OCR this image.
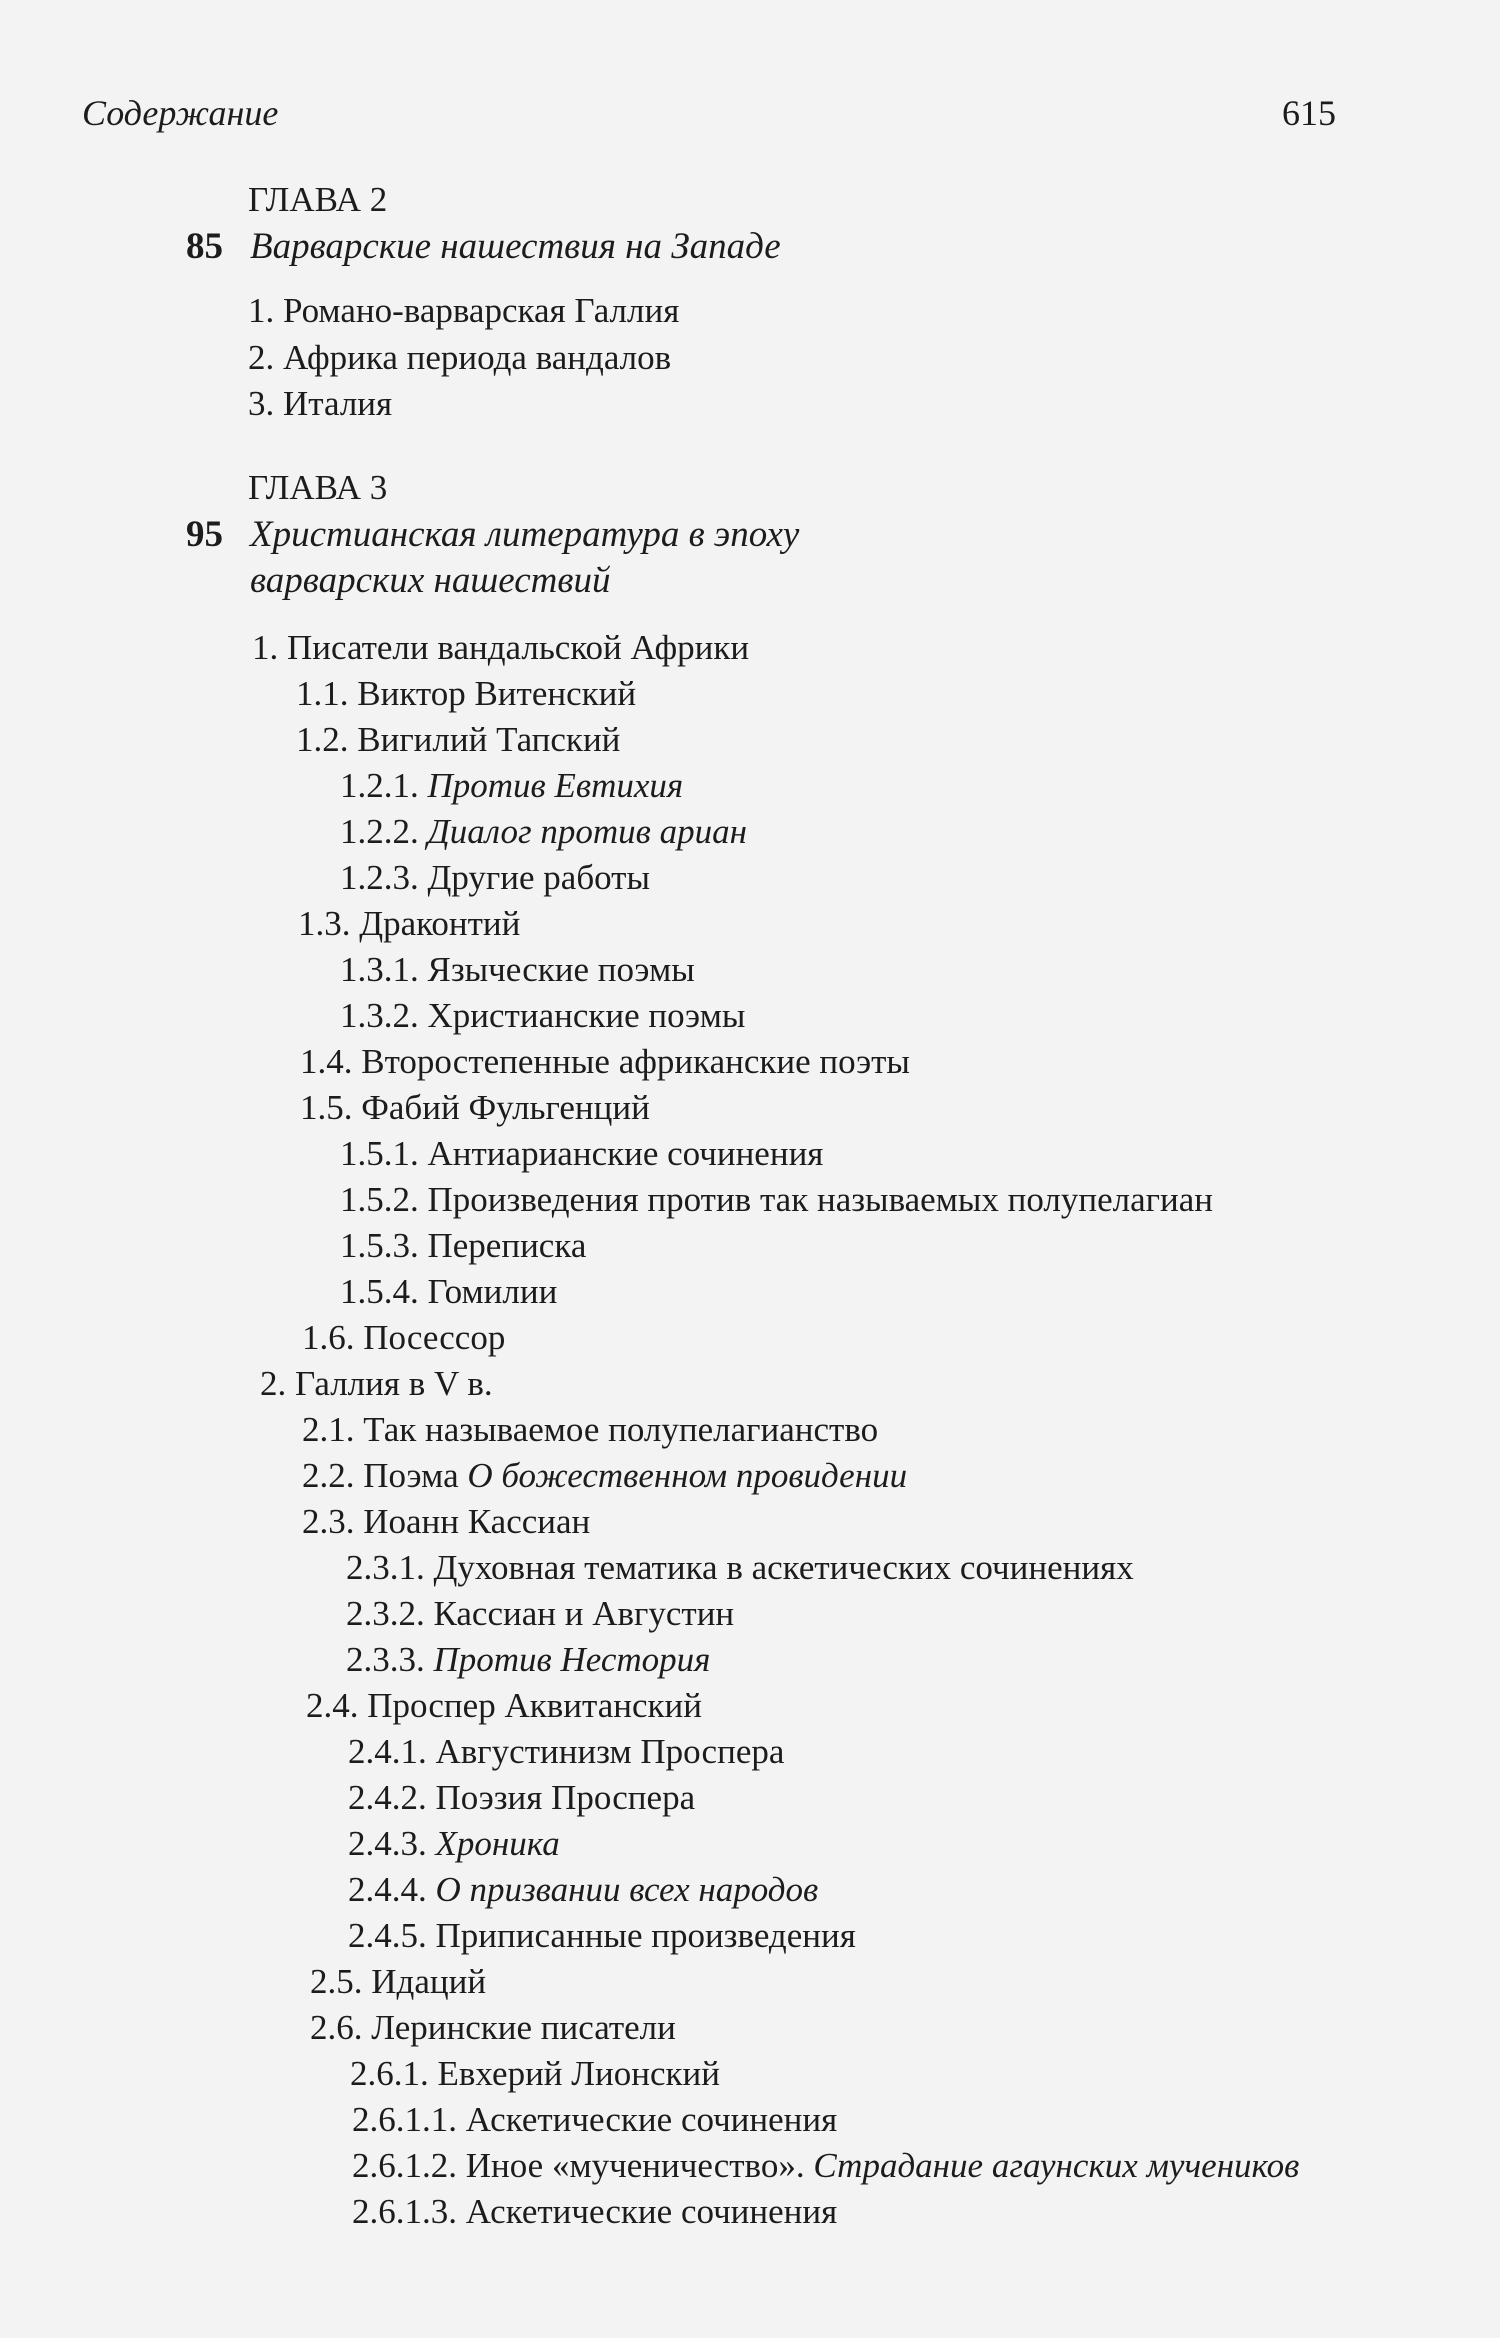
Содержание	615
1. Романо-варварская Галлия
2. Африка периода вандалов
3. Италия
1. Писатели вандальской Африки
1.1. Виктор Витенский
1.2. Вигилий Тапский
1.2.1. Против Евтихия
1.2.2. Диалог против ариан
1.2.3. Другие работы
1.3. Драконтий
1.3.1. Языческие поэмы
1.3.2. Христианские поэмы
1.4. Второстепенные африканские поэты
1.5. Фабий Фульгенций
1.5.1. Антиарианские сочинения
1.5.2. Произведения против так называемых полупелагиан
1.5.3. Переписка
1.5.4. Гомилии
1.6. Посессор
2. Галлия в V в.
2.1. Так называемое полупелагианство
2.2. Поэма О божественном провидении
2.3. Иоанн Кассиан
2.3.1. Духовная тематика в аскетических сочинениях
2.3.2. Кассиан и Августин
2.3.3. Против Нестория
2.4. Проспер Аквитанский
2.4.1. Августинизм Проспера
2.4.2. Поэзия Проспера
2.4.3. Хроника
2.4.4. О призвании всех народов
2.4.5. Приписанные произведения
2.5. Идаций
2.6. Леринские писатели
2.6.1. Евхерий Лионский
2.6.1.1. Аскетические сочинения
2.6.1.2. Иное «мученичество». Страдание агаунских мучеников
2.6.1.3. Аскетические сочинения
ГЛАВА 2
85 Варварские нашествия на Западе
ГЛАВА 3
95 Христианская литература в эпоху
варварских нашествий
